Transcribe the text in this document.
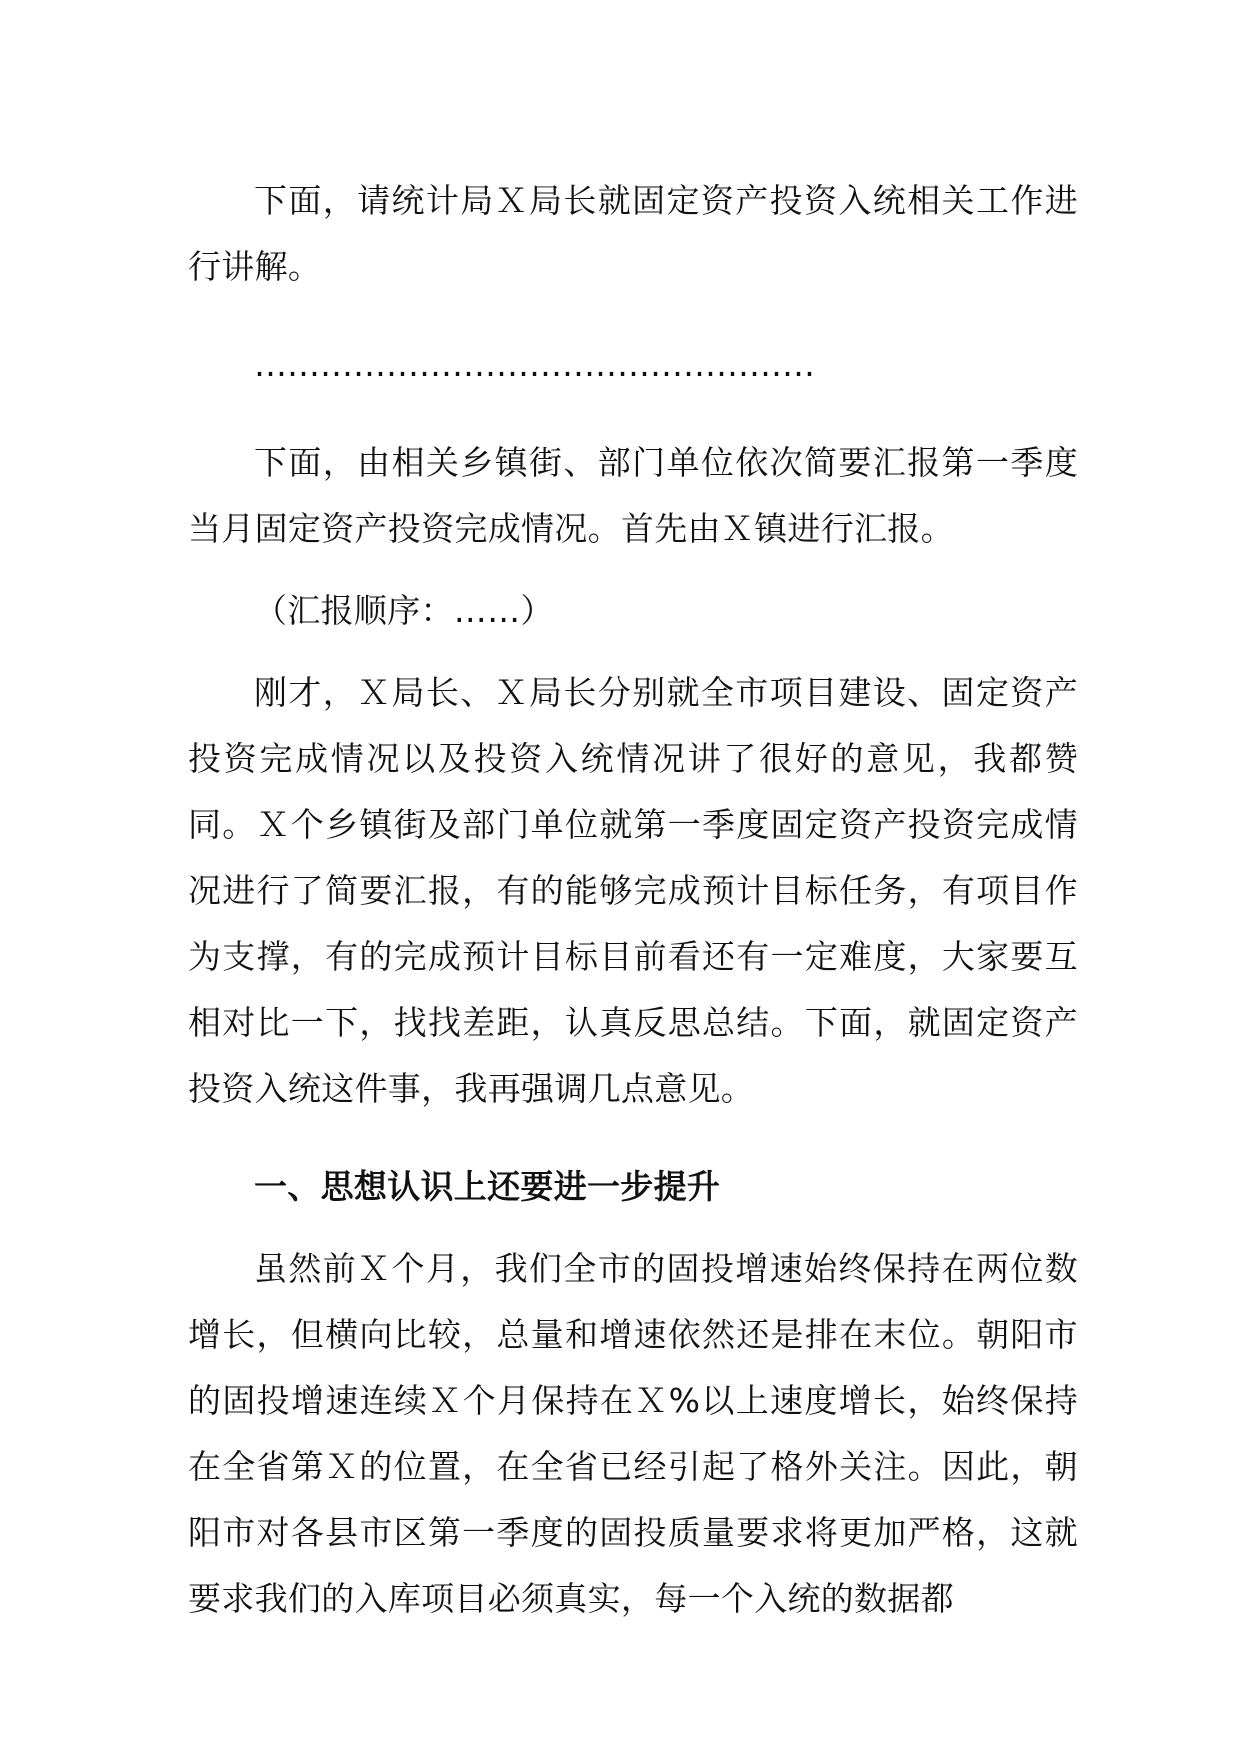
下面，请统计局Ｘ局长就固定资产投资入统相关工作进行讲解。

……………………………………………

下面，由相关乡镇街、部门单位依次简要汇报第一季度当月固定资产投资完成情况。首先由Ｘ镇进行汇报。

（汇报顺序：……）

刚才，Ｘ局长、Ｘ局长分别就全市项目建设、固定资产投资完成情况以及投资入统情况讲了很好的意见，我都赞同。Ｘ个乡镇街及部门单位就第一季度固定资产投资完成情况进行了简要汇报，有的能够完成预计目标任务，有项目作为支撑，有的完成预计目标目前看还有一定难度，大家要互相对比一下，找找差距，认真反思总结。下面，就固定资产投资入统这件事，我再强调几点意见。

一、思想认识上还要进一步提升

虽然前Ｘ个月，我们全市的固投增速始终保持在两位数增长，但横向比较，总量和增速依然还是排在末位。朝阳市的固投增速连续Ｘ个月保持在Ｘ%以上速度增长，始终保持在全省第Ｘ的位置，在全省已经引起了格外关注。因此，朝阳市对各县市区第一季度的固投质量要求将更加严格，这就要求我们的入库项目必须真实，每一个入统的数据都
